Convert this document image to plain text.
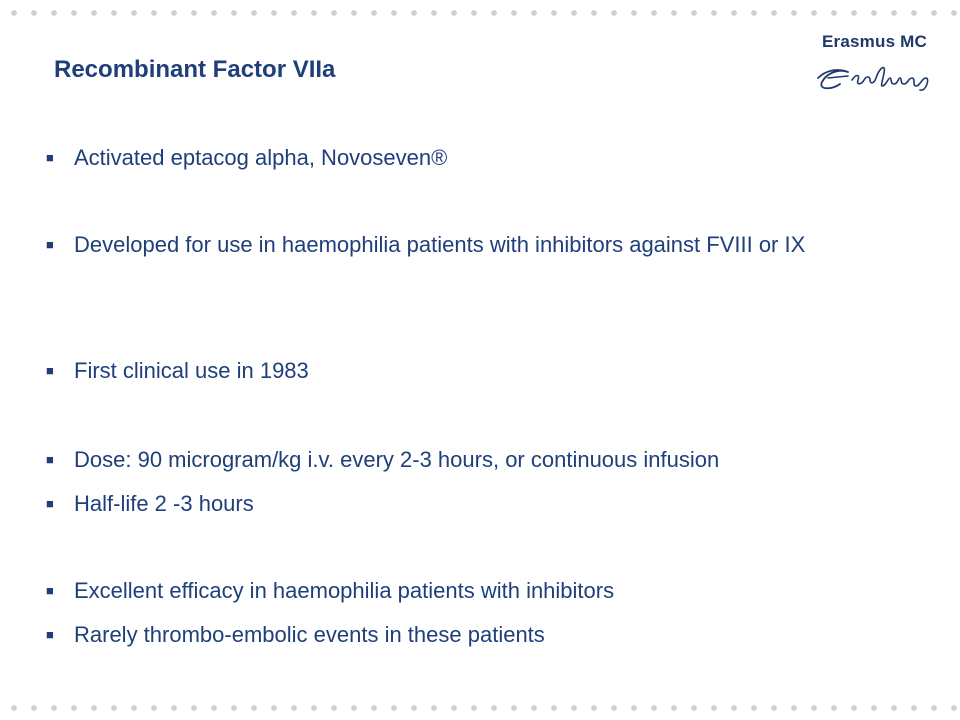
Erasmus MC
Recombinant Factor VIIa
■ Activated eptacog alpha, Novoseven®
■ Developed for use in haemophilia patients with inhibitors against FVIII or IX
■ First clinical use in 1983
■ Dose: 90 microgram/kg i.v. every 2-3 hours, or continuous infusion
■ Half-life 2 -3 hours
■ Excellent efficacy in haemophilia patients with inhibitors
■ Rarely thrombo-embolic events in these patients
